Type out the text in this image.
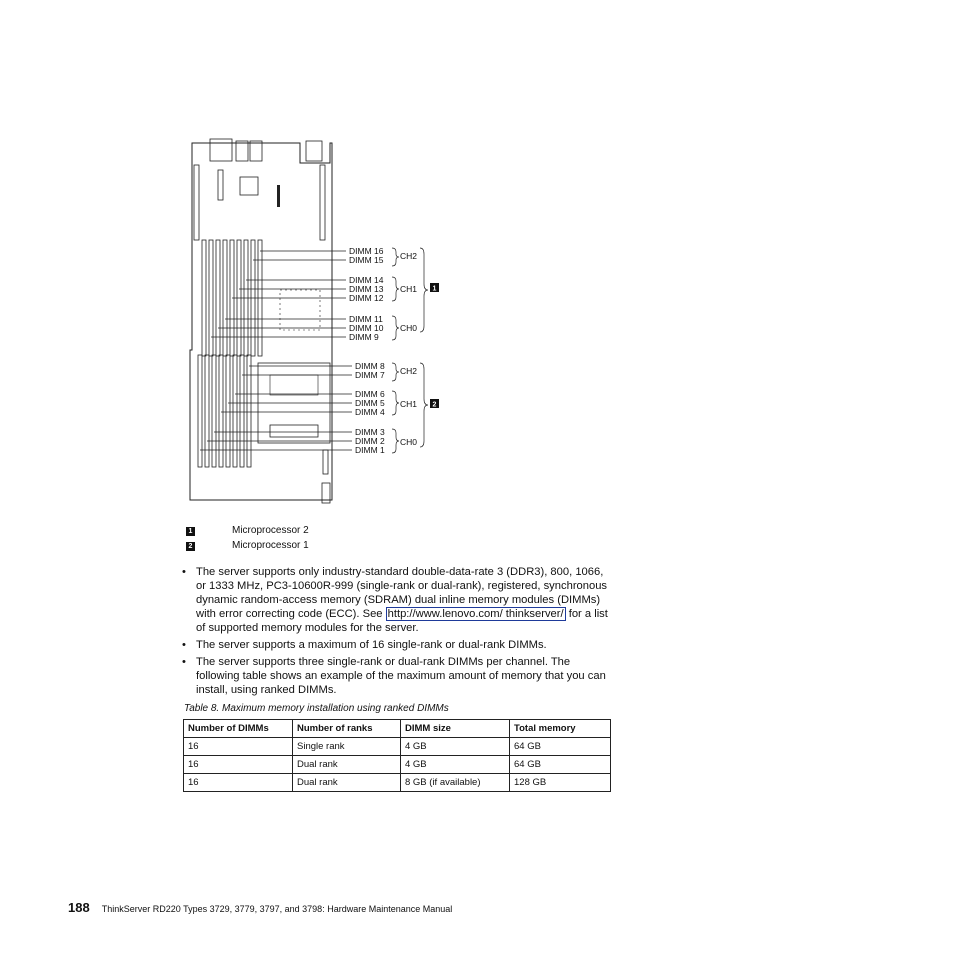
DIMM 16
DIMM 15
DIMM 14
DIMM 13
DIMM 12
DIMM 11
DIMM 10
DIMM 9
DIMM 8
DIMM 7
DIMM 6
DIMM 5
DIMM 4
DIMM 3
DIMM 2
DIMM 1
CH2
CH1
CH0
CH2
CH1
CH0
1
2
1	Microprocessor 2
2	Microprocessor 1
• The server supports only industry-standard double-data-rate 3 (DDR3), 800, 1066, or 1333 MHz, PC3-10600R-999 (single-rank or dual-rank), registered, synchronous dynamic random-access memory (SDRAM) dual inline memory modules (DIMMs) with error correcting code (ECC). See http://www.lenovo.com/ thinkserver/ for a list of supported memory modules for the server.
• The server supports a maximum of 16 single-rank or dual-rank DIMMs.
• The server supports three single-rank or dual-rank DIMMs per channel. The following table shows an example of the maximum amount of memory that you can install, using ranked DIMMs.
Table 8. Maximum memory installation using ranked DIMMs
Number of DIMMs	Number of ranks	DIMM size	Total memory
16	Single rank	4 GB	64 GB
16	Dual rank	4 GB	64 GB
16	Dual rank	8 GB (if available)	128 GB
188 ThinkServer RD220 Types 3729, 3779, 3797, and 3798: Hardware Maintenance Manual
